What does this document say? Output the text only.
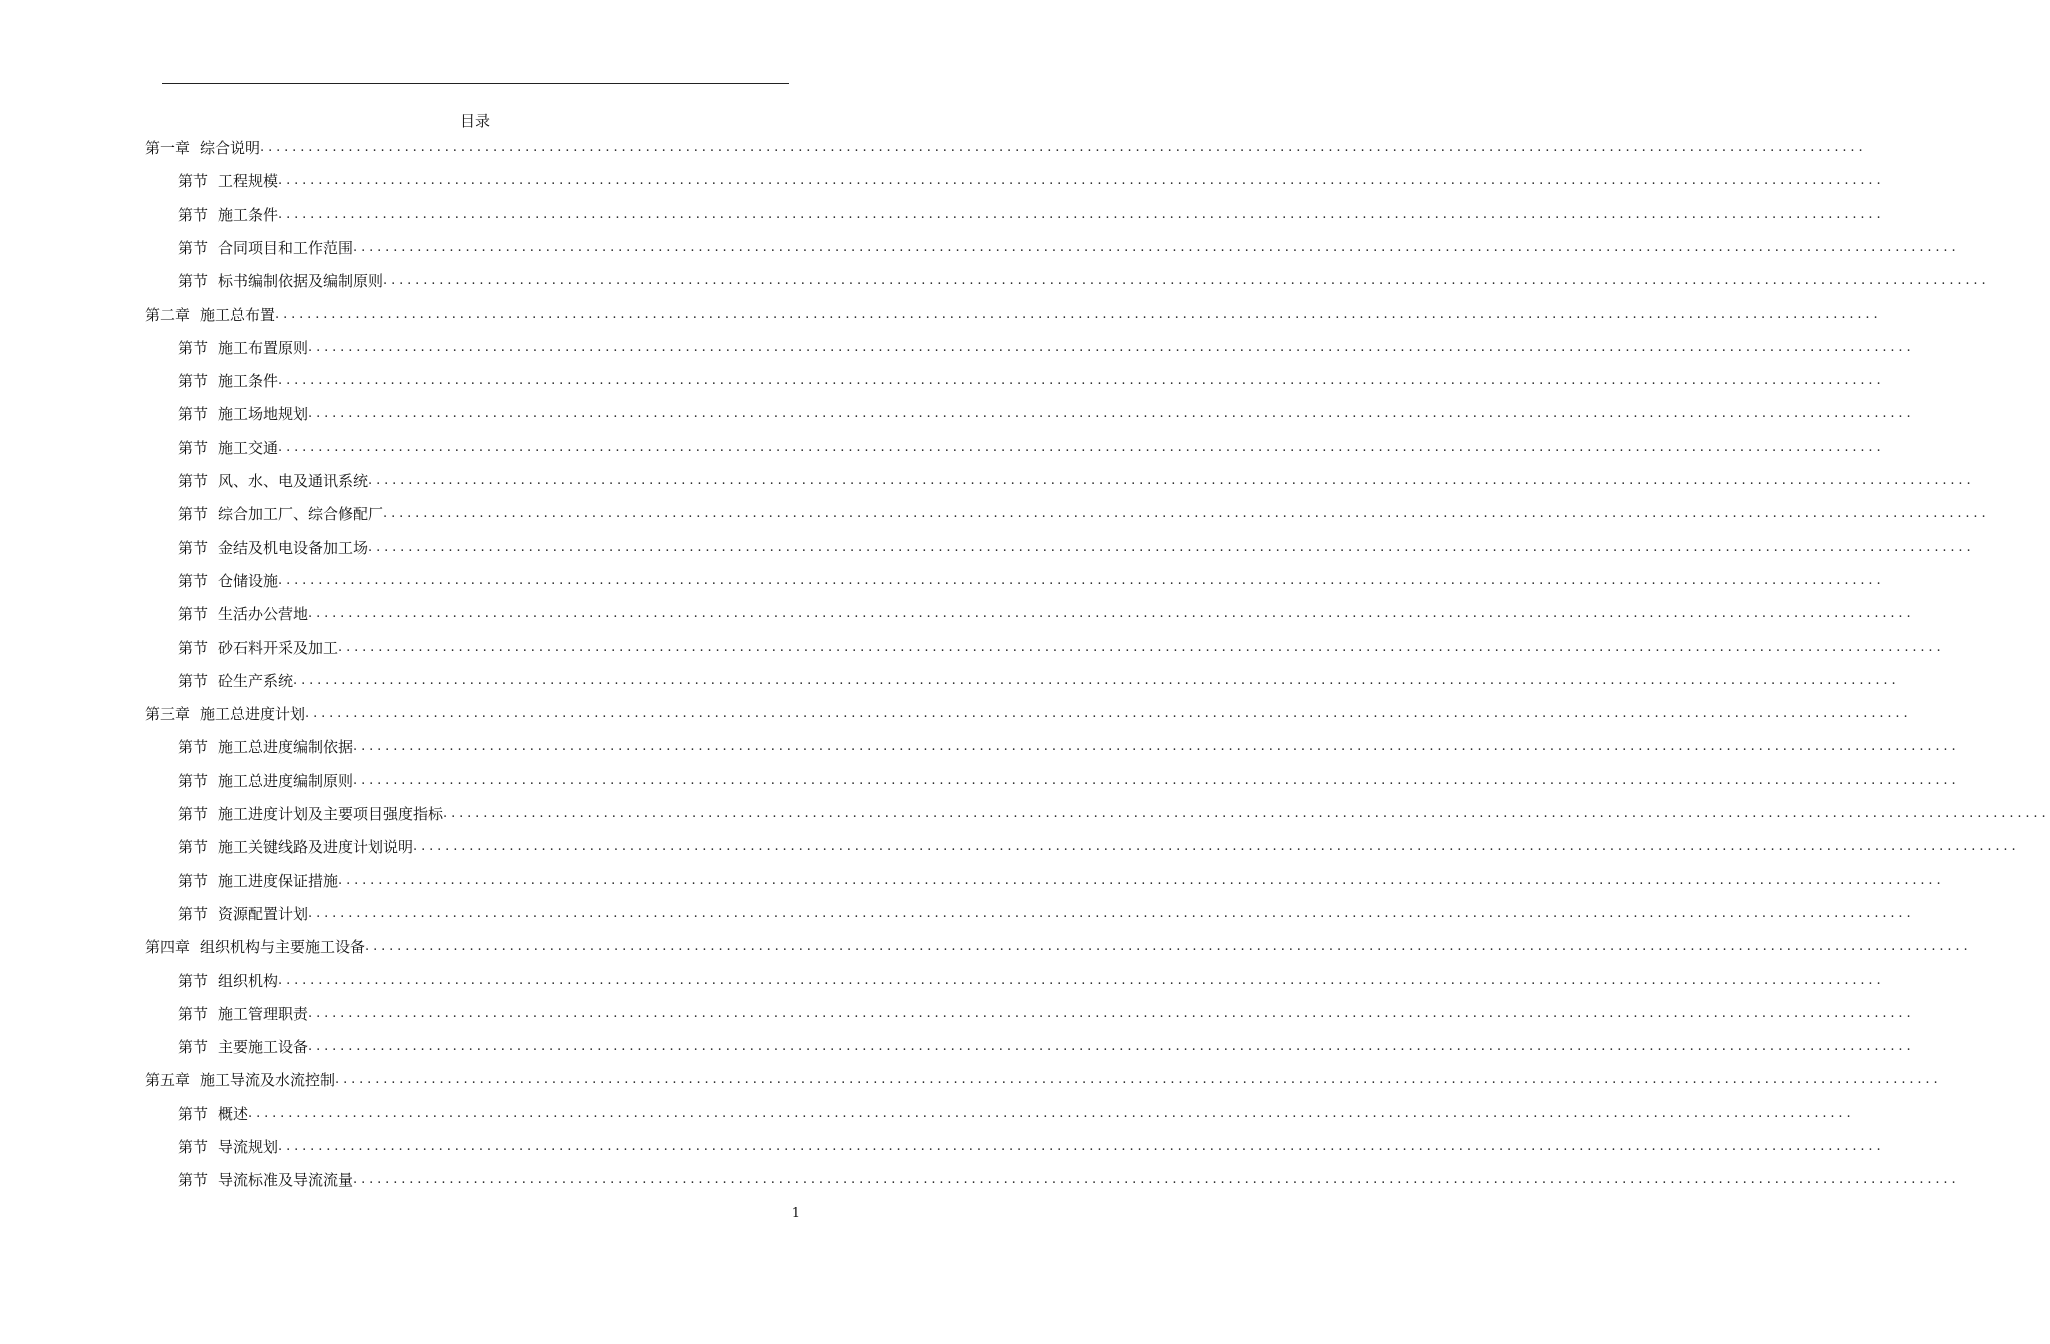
目录
第一章 综合说明 ........................................................................................................................................................................................................
第节 工程规模 ........................................................................................................................................................................................................
第节 施工条件 ........................................................................................................................................................................................................
第节 合同项目和工作范围 ........................................................................................................................................................................................................
第节 标书编制依据及编制原则 ........................................................................................................................................................................................................
第二章 施工总布置 ........................................................................................................................................................................................................
第节 施工布置原则 ........................................................................................................................................................................................................
第节 施工条件 ........................................................................................................................................................................................................
第节 施工场地规划 ........................................................................................................................................................................................................
第节 施工交通 ........................................................................................................................................................................................................
第节 风、水、电及通讯系统 ........................................................................................................................................................................................................
第节 综合加工厂、综合修配厂 ........................................................................................................................................................................................................
第节 金结及机电设备加工场 ........................................................................................................................................................................................................
第节 仓储设施 ........................................................................................................................................................................................................
第节 生活办公营地 ........................................................................................................................................................................................................
第节 砂石料开采及加工 ........................................................................................................................................................................................................
第节 砼生产系统 ........................................................................................................................................................................................................
第三章 施工总进度计划 ........................................................................................................................................................................................................
第节 施工总进度编制依据 ........................................................................................................................................................................................................
第节 施工总进度编制原则 ........................................................................................................................................................................................................
第节 施工进度计划及主要项目强度指标 ........................................................................................................................................................................................................
第节 施工关键线路及进度计划说明 ........................................................................................................................................................................................................
第节 施工进度保证措施 ........................................................................................................................................................................................................
第节 资源配置计划 ........................................................................................................................................................................................................
第四章 组织机构与主要施工设备 ........................................................................................................................................................................................................
第节 组织机构 ........................................................................................................................................................................................................
第节 施工管理职责 ........................................................................................................................................................................................................
第节 主要施工设备 ........................................................................................................................................................................................................
第五章 施工导流及水流控制 ........................................................................................................................................................................................................
第节 概述 ........................................................................................................................................................................................................
第节 导流规划 ........................................................................................................................................................................................................
第节 导流标准及导流流量 ........................................................................................................................................................................................................
1
